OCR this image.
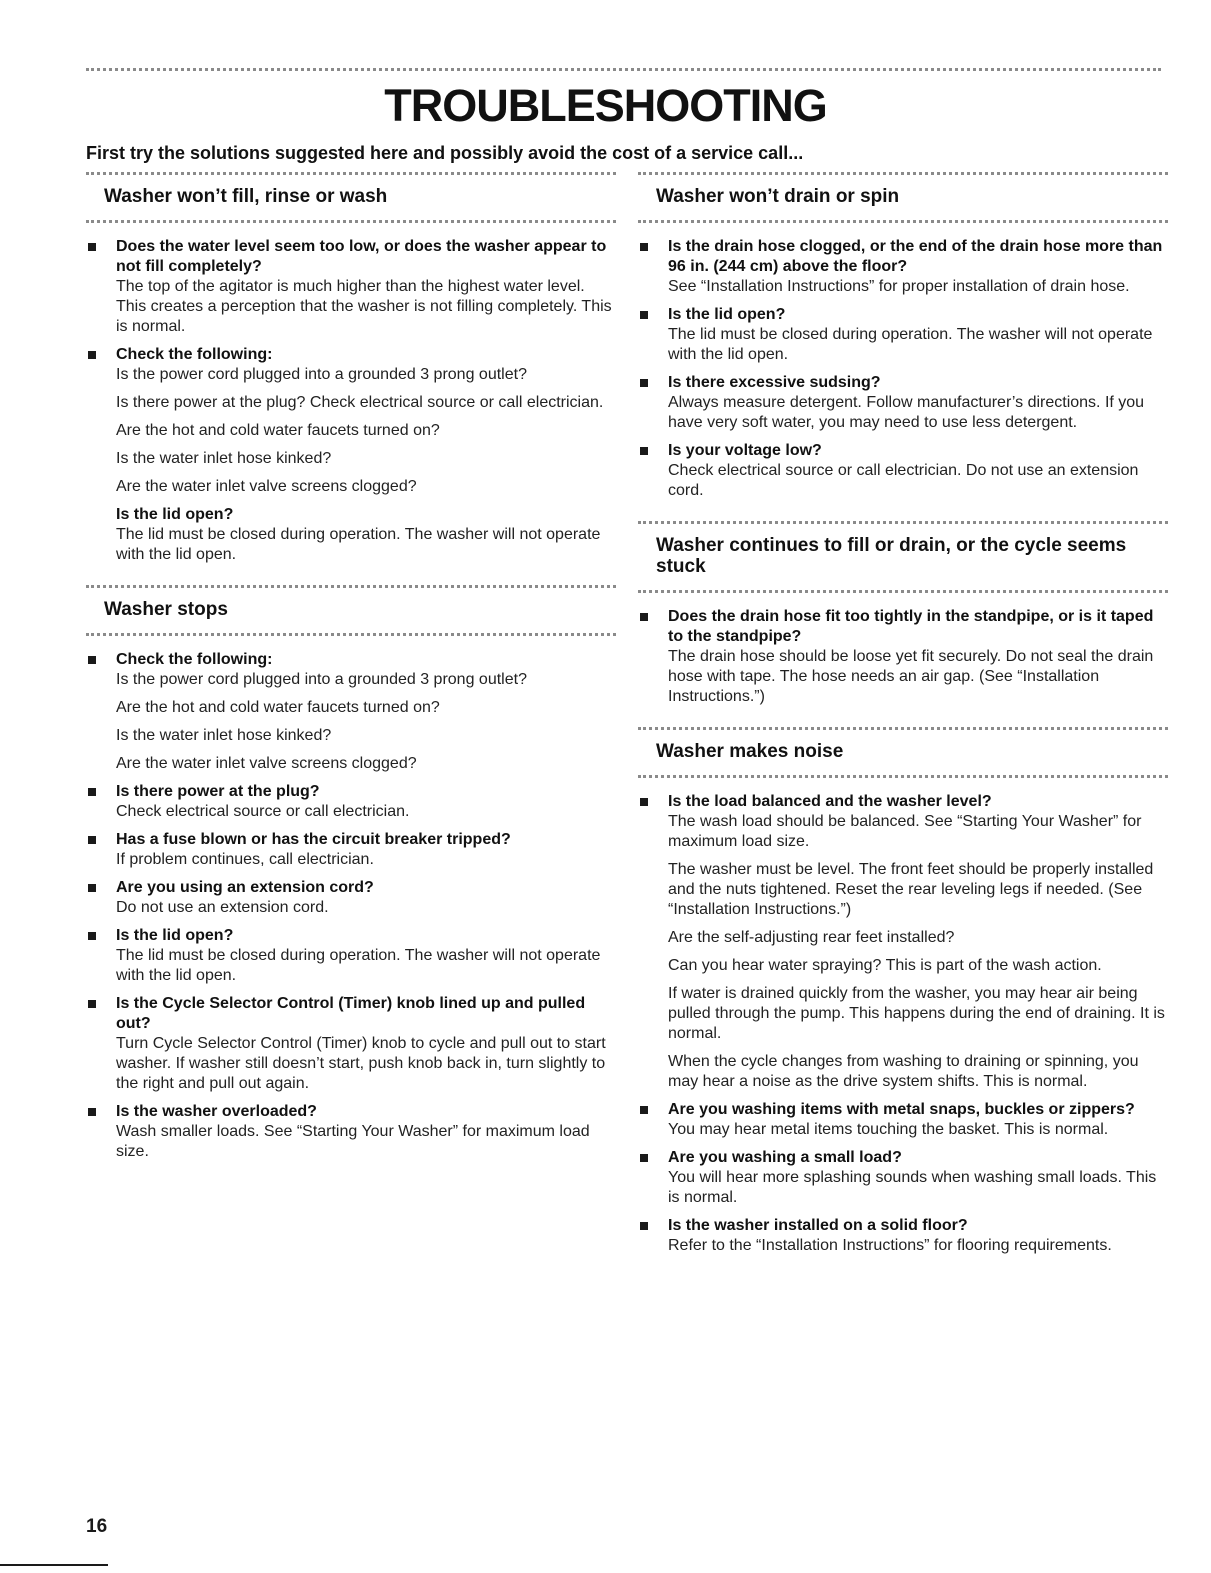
TROUBLESHOOTING
First try the solutions suggested here and possibly avoid the cost of a service call...
Washer won’t fill, rinse or wash
Does the water level seem too low, or does the washer appear to not fill completely?
The top of the agitator is much higher than the highest water level. This creates a perception that the washer is not filling completely. This is normal.
Check the following:
Is the power cord plugged into a grounded 3 prong outlet?
Is there power at the plug? Check electrical source or call electrician.
Are the hot and cold water faucets turned on?
Is the water inlet hose kinked?
Are the water inlet valve screens clogged?
Is the lid open?
The lid must be closed during operation. The washer will not operate with the lid open.
Washer stops
Check the following:
Is the power cord plugged into a grounded 3 prong outlet?
Are the hot and cold water faucets turned on?
Is the water inlet hose kinked?
Are the water inlet valve screens clogged?
Is there power at the plug?
Check electrical source or call electrician.
Has a fuse blown or has the circuit breaker tripped?
If problem continues, call electrician.
Are you using an extension cord?
Do not use an extension cord.
Is the lid open?
The lid must be closed during operation. The washer will not operate with the lid open.
Is the Cycle Selector Control (Timer) knob lined up and pulled out?
Turn Cycle Selector Control (Timer) knob to cycle and pull out to start washer. If washer still doesn’t start, push knob back in, turn slightly to the right and pull out again.
Is the washer overloaded?
Wash smaller loads. See “Starting Your Washer” for maximum load size.
Washer won’t drain or spin
Is the drain hose clogged, or the end of the drain hose more than 96 in. (244 cm) above the floor?
See “Installation Instructions” for proper installation of drain hose.
Is the lid open?
The lid must be closed during operation. The washer will not operate with the lid open.
Is there excessive sudsing?
Always measure detergent. Follow manufacturer’s directions. If you have very soft water, you may need to use less detergent.
Is your voltage low?
Check electrical source or call electrician. Do not use an extension cord.
Washer continues to fill or drain, or the cycle seems stuck
Does the drain hose fit too tightly in the standpipe, or is it taped to the standpipe?
The drain hose should be loose yet fit securely. Do not seal the drain hose with tape. The hose needs an air gap. (See “Installation Instructions.”)
Washer makes noise
Is the load balanced and the washer level?
The wash load should be balanced. See “Starting Your Washer” for maximum load size.
The washer must be level. The front feet should be properly installed and the nuts tightened. Reset the rear leveling legs if needed. (See “Installation Instructions.”)
Are the self-adjusting rear feet installed?
Can you hear water spraying? This is part of the wash action.
If water is drained quickly from the washer, you may hear air being pulled through the pump. This happens during the end of draining. It is normal.
When the cycle changes from washing to draining or spinning, you may hear a noise as the drive system shifts. This is normal.
Are you washing items with metal snaps, buckles or zippers?
You may hear metal items touching the basket. This is normal.
Are you washing a small load?
You will hear more splashing sounds when washing small loads. This is normal.
Is the washer installed on a solid floor?
Refer to the “Installation Instructions” for flooring requirements.
16
